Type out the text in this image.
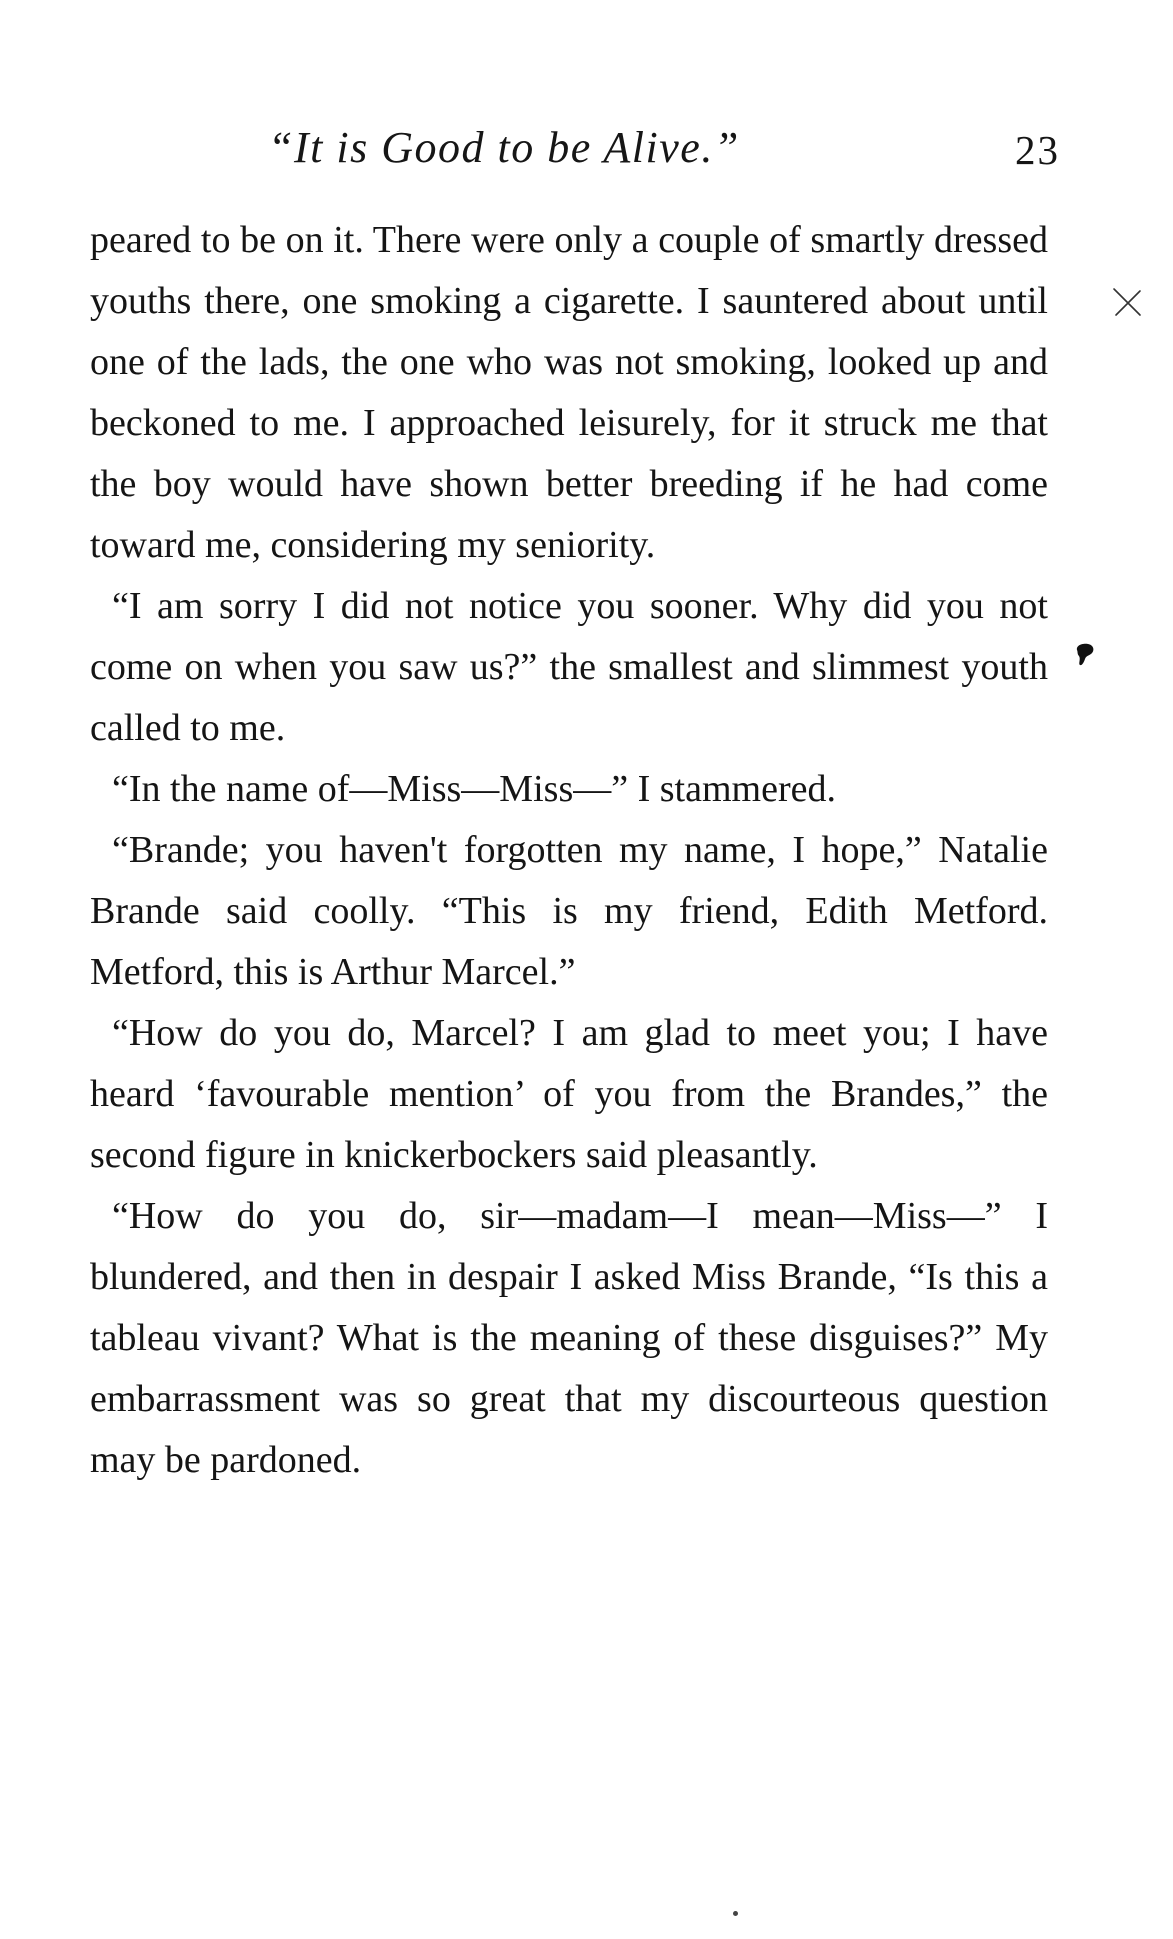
“It is Good to be Alive.”	23

peared to be on it. There were only a couple of smartly dressed youths there, one smoking a cigarette. I sauntered about until one of the lads, the one who was not smoking, looked up and beckoned to me. I approached leisurely, for it struck me that the boy would have shown better breeding if he had come toward me, considering my seniority.

“I am sorry I did not notice you sooner. Why did you not come on when you saw us?” the smallest and slimmest youth called to me.

“In the name of—Miss—Miss—” I stammered.

“Brande; you haven't forgotten my name, I hope,” Natalie Brande said coolly. “This is my friend, Edith Metford. Metford, this is Arthur Marcel.”

“How do you do, Marcel? I am glad to meet you; I have heard ‘favourable mention’ of you from the Brandes,” the second figure in knickerbockers said pleasantly.

“How do you do, sir—madam—I mean—Miss—” I blundered, and then in despair I asked Miss Brande, “Is this a tableau vivant? What is the meaning of these disguises?” My embarrassment was so great that my discourteous question may be pardoned.
